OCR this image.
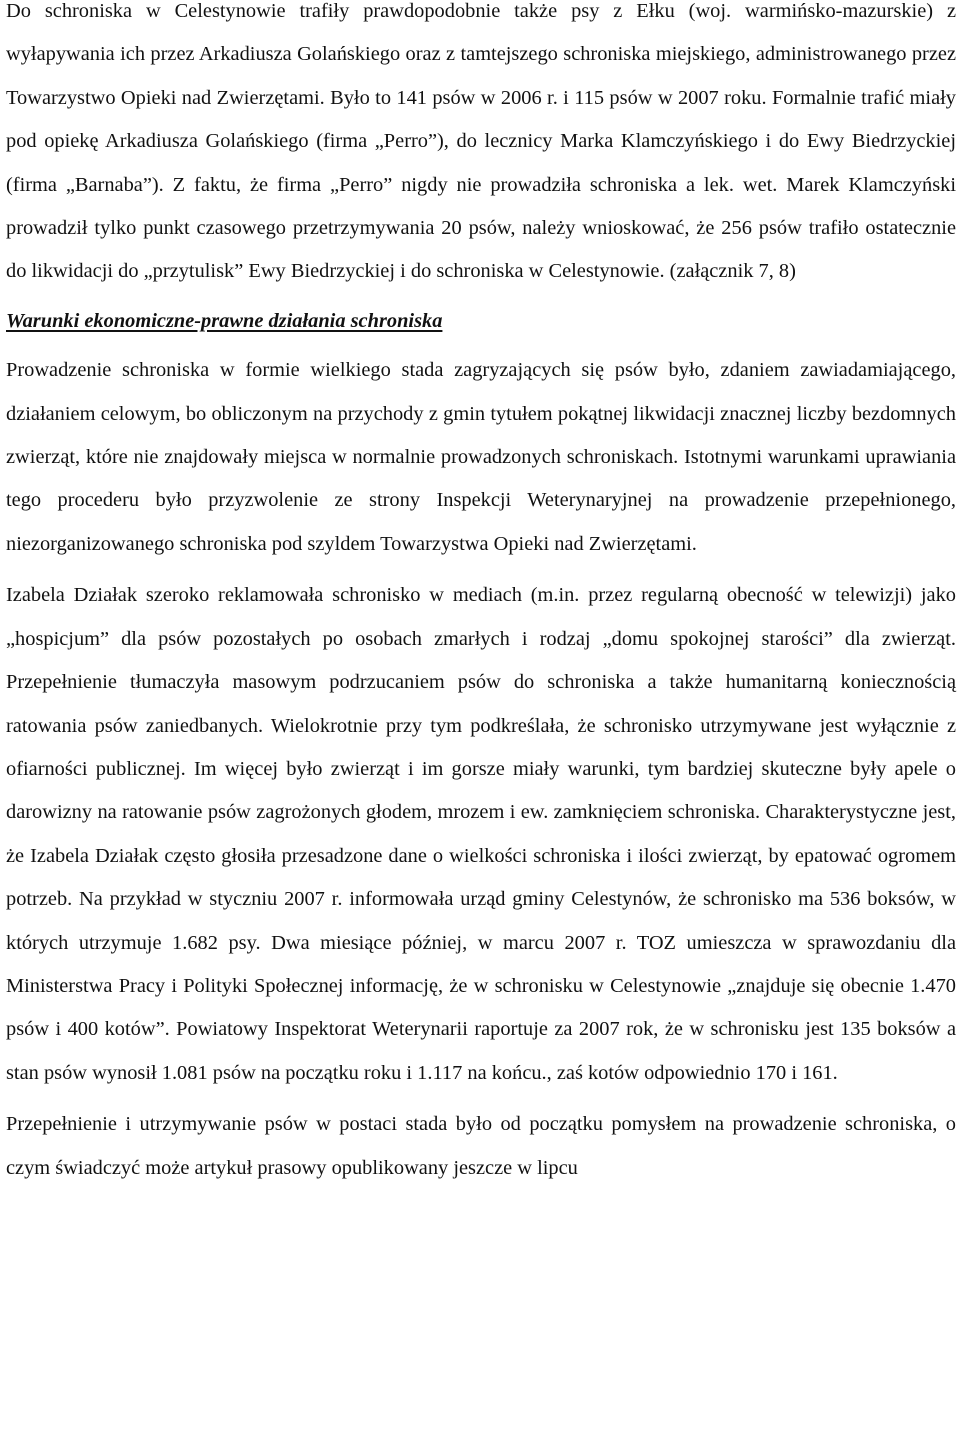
Do schroniska w Celestynowie trafiły prawdopodobnie także psy z Ełku (woj. warmińsko-mazurskie) z wyłapywania ich przez Arkadiusza Golańskiego oraz z tamtejszego schroniska miejskiego, administrowanego przez Towarzystwo Opieki nad Zwierzętami. Było to 141 psów w 2006 r. i 115 psów w 2007 roku. Formalnie trafić miały pod opiekę Arkadiusza Golańskiego (firma „Perro”), do lecznicy Marka Klamczyńskiego i do Ewy Biedrzyckiej (firma „Barnaba”). Z faktu, że firma „Perro” nigdy nie prowadziła schroniska a lek. wet. Marek Klamczyński prowadził tylko punkt czasowego przetrzymywania 20 psów, należy wnioskować, że 256 psów trafiło ostatecznie do likwidacji do „przytulisk” Ewy Biedrzyckiej i do schroniska w Celestynowie. (załącznik 7, 8)

Warunki ekonomiczne-prawne działania schroniska

Prowadzenie schroniska w formie wielkiego stada zagryzających się psów było, zdaniem zawiadamiającego, działaniem celowym, bo obliczonym na przychody z gmin tytułem pokątnej likwidacji znacznej liczby bezdomnych zwierząt, które nie znajdowały miejsca w normalnie prowadzonych schroniskach. Istotnymi warunkami uprawiania tego procederu było przyzwolenie ze strony Inspekcji Weterynaryjnej na prowadzenie przepełnionego, niezorganizowanego schroniska pod szyldem Towarzystwa Opieki nad Zwierzętami.

Izabela Działak szeroko reklamowała schronisko w mediach (m.in. przez regularną obecność w telewizji) jako „hospicjum” dla psów pozostałych po osobach zmarłych i rodzaj „domu spokojnej starości” dla zwierząt. Przepełnienie tłumaczyła masowym podrzucaniem psów do schroniska a także humanitarną koniecznością ratowania psów zaniedbanych. Wielokrotnie przy tym podkreślała, że schronisko utrzymywane jest wyłącznie z ofiarności publicznej. Im więcej było zwierząt i im gorsze miały warunki, tym bardziej skuteczne były apele o darowizny na ratowanie psów zagrożonych głodem, mrozem i ew. zamknięciem schroniska. Charakterystyczne jest, że Izabela Działak często głosiła przesadzone dane o wielkości schroniska i ilości zwierząt, by epatować ogromem potrzeb. Na przykład w styczniu 2007 r. informowała urząd gminy Celestynów, że schronisko ma 536 boksów, w których utrzymuje 1.682 psy. Dwa miesiące później, w marcu 2007 r. TOZ umieszcza w sprawozdaniu dla Ministerstwa Pracy i Polityki Społecznej informację, że w schronisku w Celestynowie „znajduje się obecnie 1.470 psów i 400 kotów”. Powiatowy Inspektorat Weterynarii raportuje za 2007 rok, że w schronisku jest 135 boksów a stan psów wynosił 1.081 psów na początku roku i 1.117 na końcu., zaś kotów odpowiednio 170 i 161.

Przepełnienie i utrzymywanie psów w postaci stada było od początku pomysłem na prowadzenie schroniska, o czym świadczyć może artykuł prasowy opublikowany jeszcze w lipcu
